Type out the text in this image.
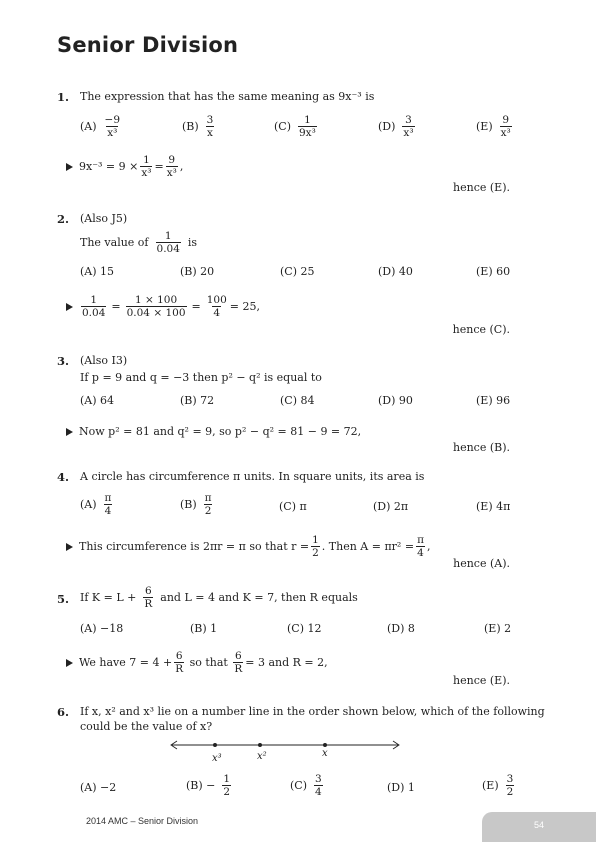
Senior Division
1. The expression that has the same meaning as 9x⁻³ is
$(A) \frac{-9}{\text{x³}}$	$(B) \frac{3}{x}$	$(C) \frac{1}{\text{9x³}}$	$(D) \frac{3}{\text{x³}}$	$(E) \frac{9}{\text{x³}}$
$9x^{-3} = 9 \times \frac{1}{\text{x³}} = \frac{9}{\text{x³}}$ ,
hence (E).
2. (Also J5)
The value of $\frac{1}{0.04}$ is
(A) 15	(B) 20	(C) 25	(D) 40	(E) 60
$\frac{1}{0.04} = \frac{1 \times 100}{0.04 \times 100} = \frac{100}{4} = 25$,
hence (C).
3. (Also I3)
If p = 9 and q = −3 then p² − q² is equal to
(A) 64	(B) 72	(C) 84	(D) 90	(E) 96
Now p² = 81 and q² = 9, so p² − q² = 81 − 9 = 72,
hence (B).
4. A circle has circumference π units. In square units, its area is
$(A) \frac{\pi}{4}$	$(B) \frac{\pi}{2}$	(C) π	(D) 2π	(E) 4π
This circumference is 2πr = π so that $r = \frac{1}{2}$ . Then $A = \pi r^2 = \frac{\pi}{4}$ ,
hence (A).
5. If $K = L + \frac{6}{R}$ and L = 4 and K = 7, then R equals
(A) −18	(B) 1	(C) 12	(D) 8	(E) 2
We have $7 = 4 + \frac{6}{R}$ so that $\frac{6}{R} = 3$ and R = 2,
hence (E).
6. If x, x² and x³ lie on a number line in the order shown below, which of the following
could be the value of x?
x³	x²	x
(A) −2	$(B) - \frac{1}{2}$	$(C) \frac{3}{4}$	(D) 1	$(E) \frac{3}{2}$
2014 AMC – Senior Division	54
